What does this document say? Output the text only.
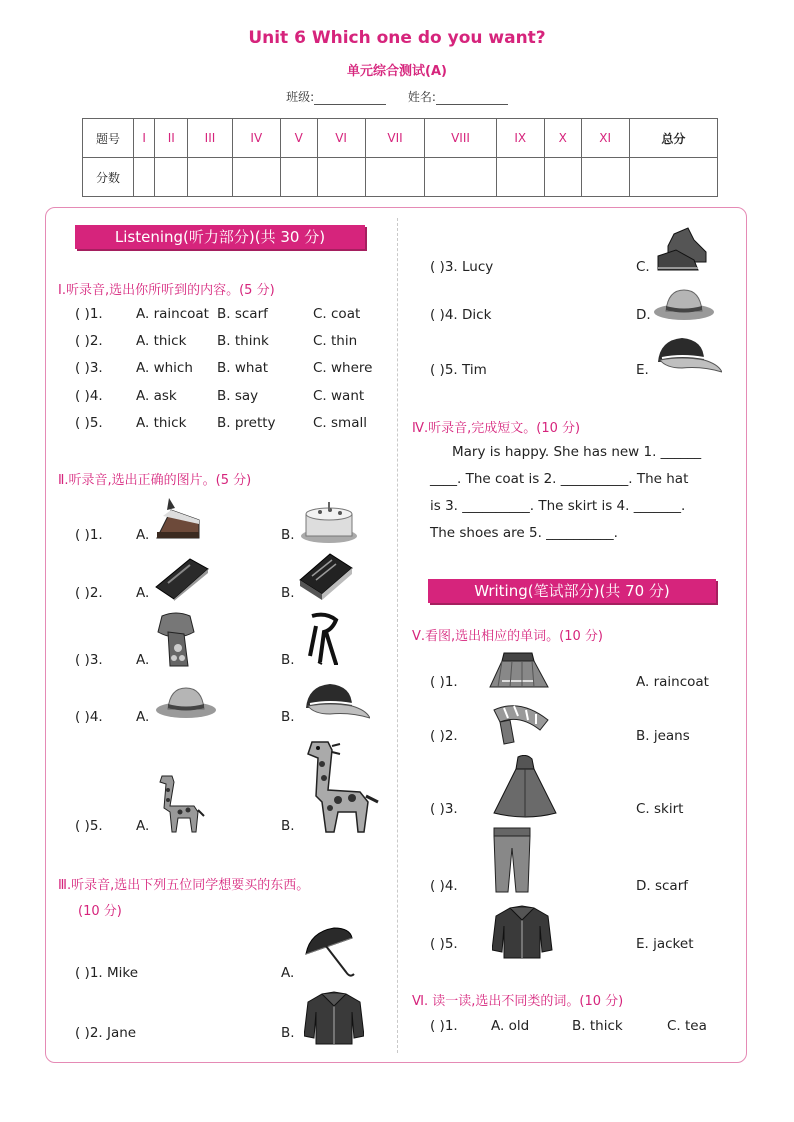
Unit 6 Which one do you want?
单元综合测试(A)
班级:	姓名:
题号	I	II	III	IV	V	VI	VII	VIII	IX	X	XI	总分
分数												
Listening(听力部分)(共 30 分)
Ⅰ.听录音,选出你所听到的内容。(5 分)
( )1. A. raincoat B. scarf	C. coat
( )2. A. thick B. think	C. thin
( )3. A. which B. what	C. where
( )4. A. ask	B. say	C. want
( )5. A. thick B. pretty	C. small
Ⅱ.听录音,选出正确的图片。(5 分)
( )1. A.	B.
( )2. A.	B.
( )3. A.	B.
( )4. A.	B.
( )5. A.	B.
Ⅲ.听录音,选出下列五位同学想要买的东西。
(10 分)
( )1. Mike	A.
( )2. Jane	B.
( )3. Lucy	C.
( )4. Dick	D.
( )5. Tim	E.
Ⅳ.听录音,完成短文。(10 分)
Mary is happy. She has new 1. ______
____. The coat is 2. __________. The hat
is 3. __________. The skirt is 4. _______.
The shoes are 5. __________.
Writing(笔试部分)(共 70 分)
Ⅴ.看图,选出相应的单词。(10 分)
( )1.	A. raincoat
( )2.	B. jeans
( )3.	C. skirt
( )4.	D. scarf
( )5.	E. jacket
Ⅵ. 读一读,选出不同类的词。(10 分)
( )1. A. old	B. thick	C. tea
